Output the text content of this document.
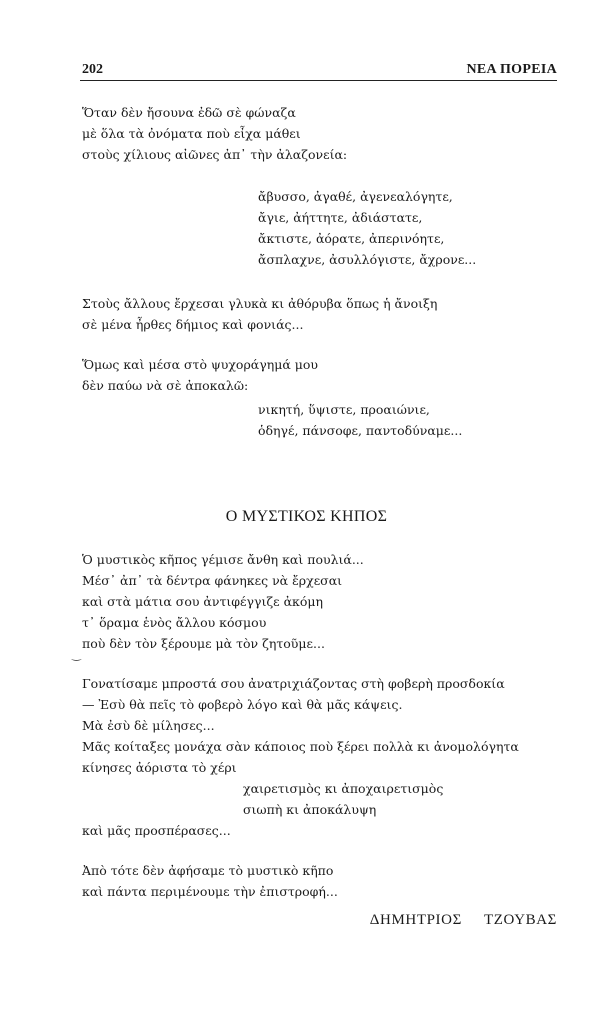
202	ΝΕΑ ΠΟΡΕΙΑ
Ὅταν δὲν ἤσουνα ἐδῶ σὲ φώναζα
μὲ ὅλα τὰ ὀνόματα ποὺ εἶχα μάθει
στοὺς χίλιους αἰῶνες ἀπ᾿ τὴν ἀλαζονεία:
ἄβυσσο, ἀγαθέ, ἀγενεαλόγητε,
ἄγιε, ἀήττητε, ἀδιάστατε,
ἄκτιστε, ἀόρατε, ἀπερινόητε,
ἄσπλαχνε, ἀσυλλόγιστε, ἄχρονε...
Στοὺς ἄλλους ἔρχεσαι γλυκὰ κι ἀθόρυβα ὅπως ἡ ἄνοιξη
σὲ μένα ἦρθες δήμιος καὶ φονιάς...
Ὅμως καὶ μέσα στὸ ψυχοράγημά μου
δὲν παύω νὰ σὲ ἀποκαλῶ:
νικητή, ὕψιστε, προαιώνιε,
ὁδηγέ, πάνσοφε, παντοδύναμε...
Ο ΜΥΣΤΙΚΟΣ ΚΗΠΟΣ
Ὁ μυστικὸς κῆπος γέμισε ἄνθη καὶ πουλιά...
Μέσ᾿ ἀπ᾿ τὰ δέντρα φάνηκες νὰ ἔρχεσαι
καὶ στὰ μάτια σου ἀντιφέγγιζε ἀκόμη
τ᾿ ὅραμα ἑνὸς ἄλλου κόσμου
ποὺ δὲν τὸν ξέρουμε μὰ τὸν ζητοῦμε...
‿
Γονατίσαμε μπροστά σου ἀνατριχιάζοντας στὴ φοβερὴ προσδοκία
— Ἐσὺ θὰ πεῖς τὸ φοβερὸ λόγο καὶ θὰ μᾶς κάψεις.
Μὰ ἐσὺ δὲ μίλησες...
Μᾶς κοίταξες μονάχα σὰν κάποιος ποὺ ξέρει πολλὰ κι ἀνομολόγητα
κίνησες ἀόριστα τὸ χέρι
χαιρετισμὸς κι ἀποχαιρετισμὸς
σιωπὴ κι ἀποκάλυψη
καὶ μᾶς προσπέρασες...
Ἀπὸ τότε δὲν ἀφήσαμε τὸ μυστικὸ κῆπο
καὶ πάντα περιμένουμε τὴν ἐπιστροφή...
ΔΗΜΗΤΡΙΟΣ ΤΖΟΥΒΑΣ
